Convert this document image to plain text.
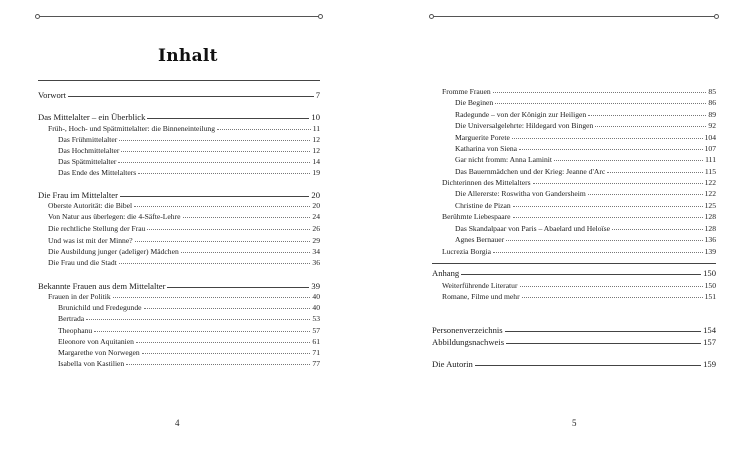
Inhalt
Vorwort	7
Das Mittelalter – ein Überblick	10
Früh-, Hoch- und Spätmittelalter: die Binneneinteilung	11
Das Frühmittelalter	12
Das Hochmittelalter	12
Das Spätmittelalter	14
Das Ende des Mittelalters	19
Die Frau im Mittelalter	20
Oberste Autorität: die Bibel	20
Von Natur aus überlegen: die 4-Säfte-Lehre	24
Die rechtliche Stellung der Frau	26
Und was ist mit der Minne?	29
Die Ausbildung junger (adeliger) Mädchen	34
Die Frau und die Stadt	36
Bekannte Frauen aus dem Mittelalter	39
Frauen in der Politik	40
Brunichild und Fredegunde	40
Bertrada	53
Theophanu	57
Eleonore von Aquitanien	61
Margarethe von Norwegen	71
Isabella von Kastilien	77
4
Fromme Frauen	85
Die Beginen	86
Radegunde – von der Königin zur Heiligen	89
Die Universalgelehrte: Hildegard von Bingen	92
Marguerite Porete	104
Katharina von Siena	107
Gar nicht fromm: Anna Laminit	111
Das Bauernmädchen und der Krieg: Jeanne d'Arc	115
Dichterinnen des Mittelalters	122
Die Allererste: Roswitha von Gandersheim	122
Christine de Pizan	125
Berühmte Liebespaare	128
Das Skandalpaar von Paris – Abaelard und Heloïse	128
Agnes Bernauer	136
Lucrezia Borgia	139
Anhang	150
Weiterführende Literatur	150
Romane, Filme und mehr	151
Personenverzeichnis	154
Abbildungsnachweis	157
Die Autorin	159
5
